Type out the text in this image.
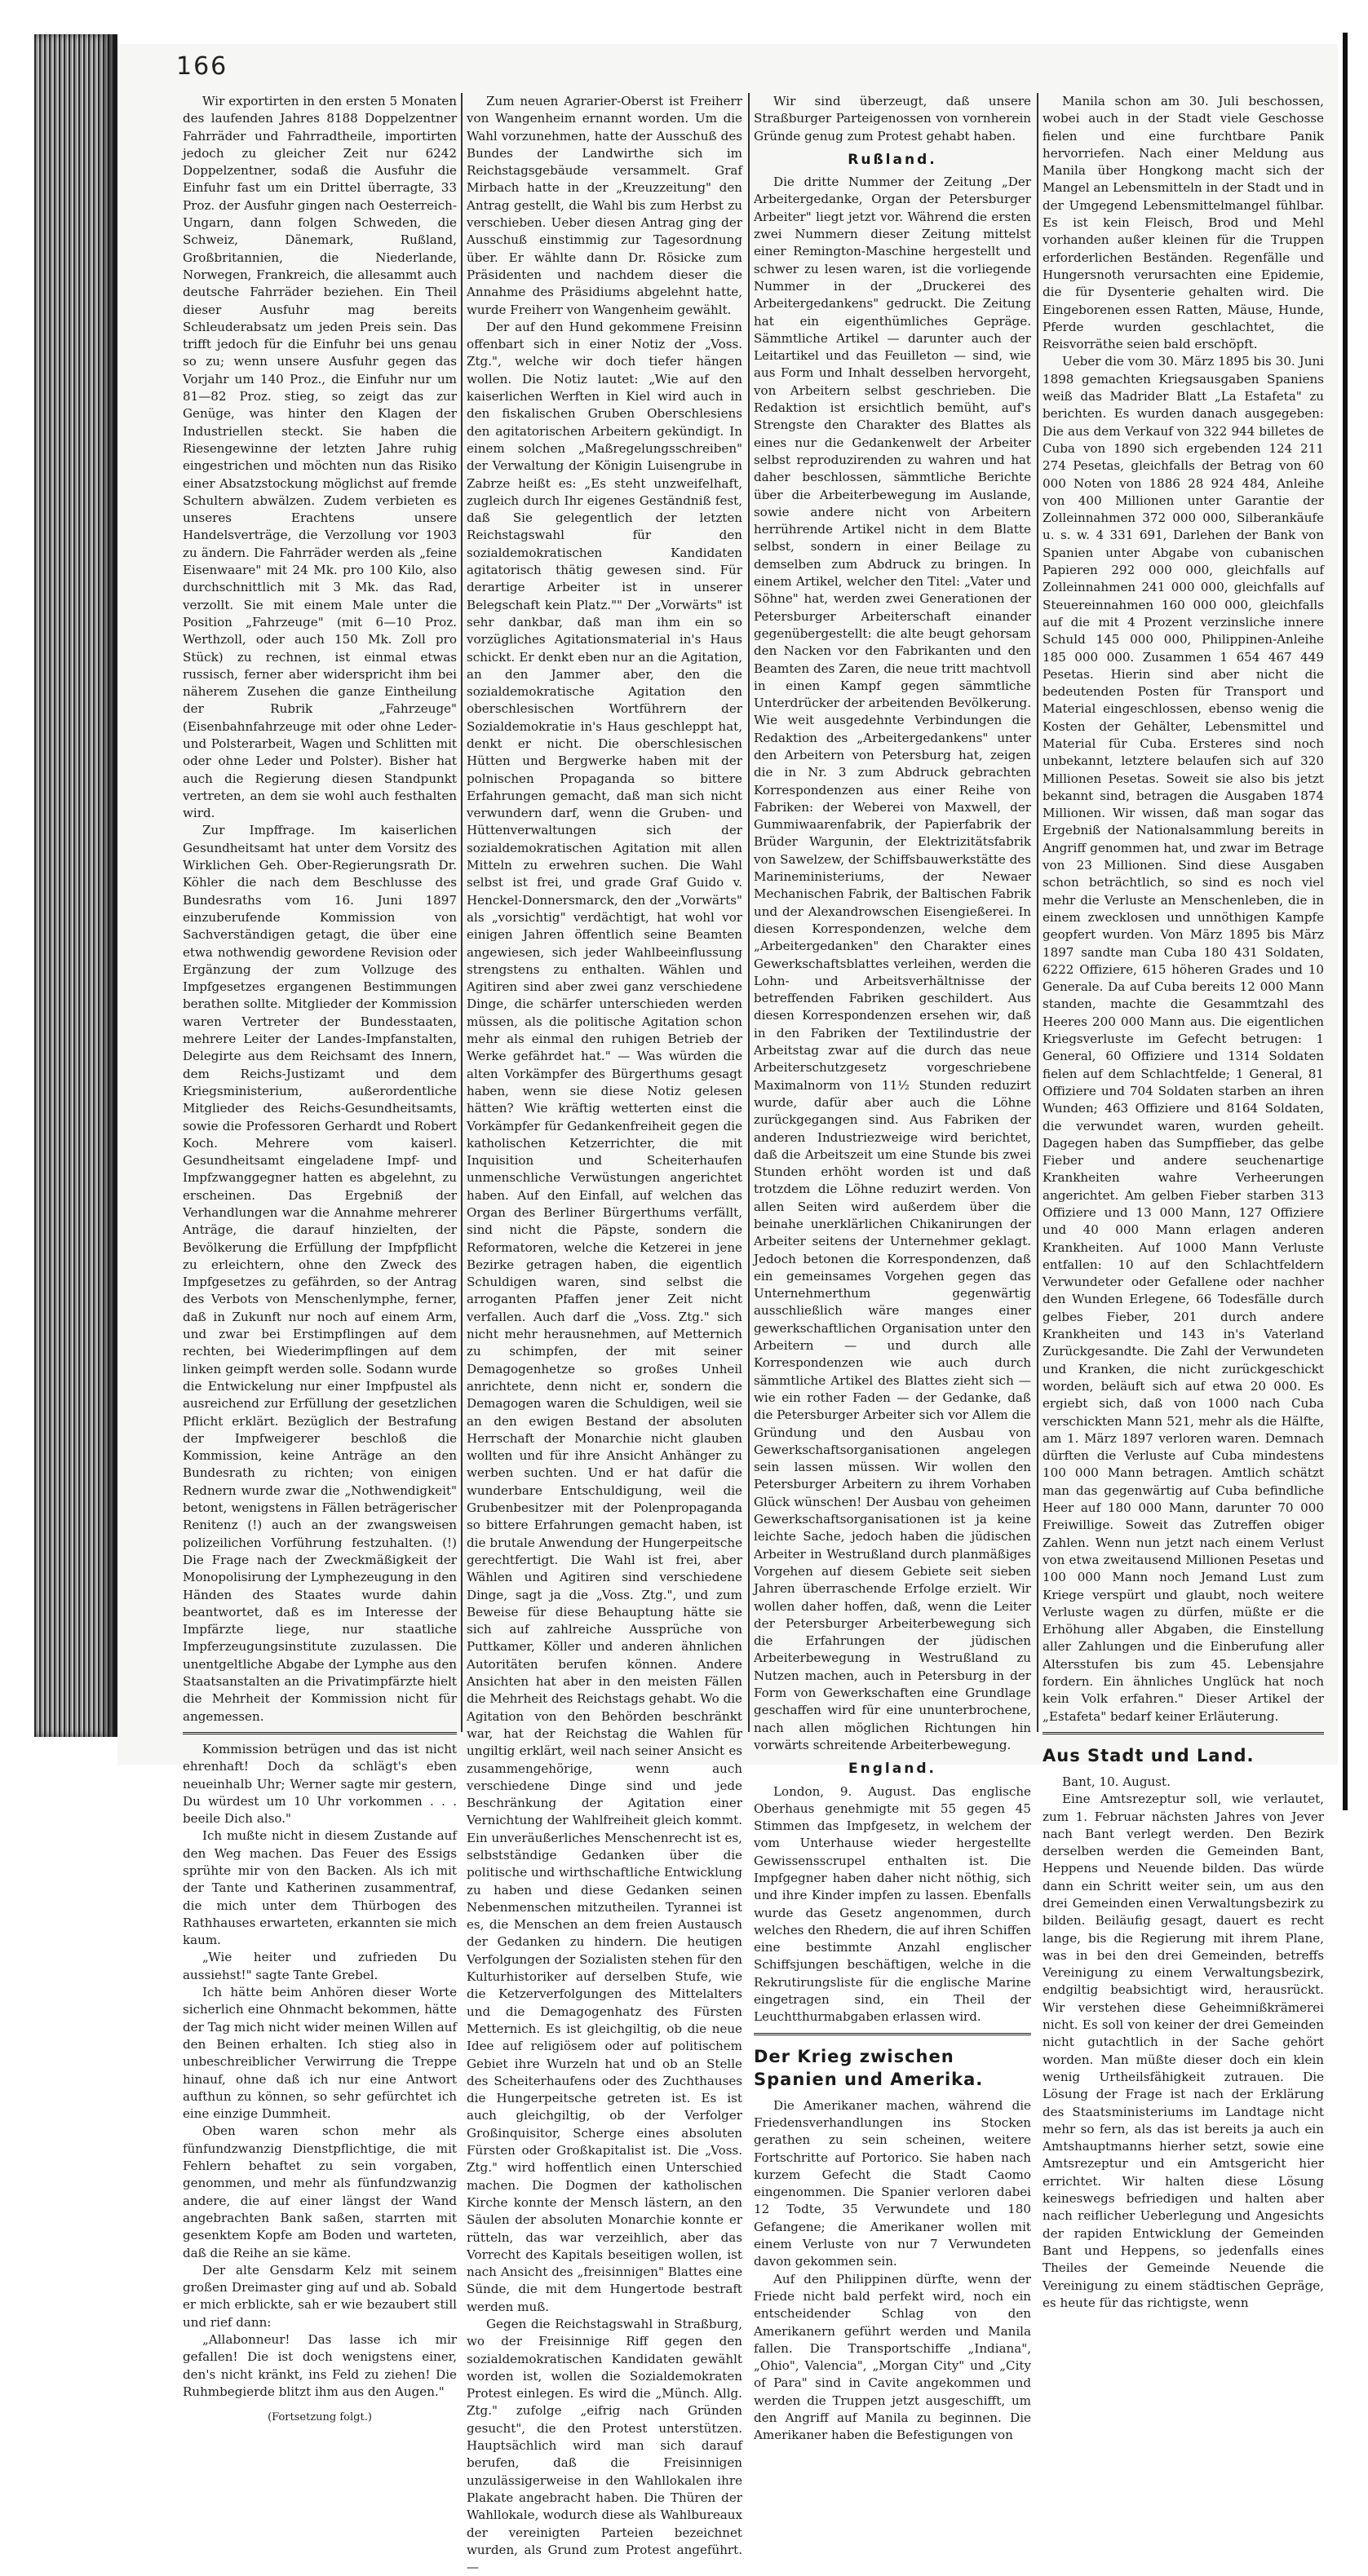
166

Wir exportirten in den ersten 5 Monaten des laufenden Jahres 8188 Doppelzentner Fahrräder und Fahrradtheile, importirten jedoch zu gleicher Zeit nur 6242 Doppelzentner, sodaß die Ausfuhr die Einfuhr fast um ein Drittel überragte, 33 Proz. der Ausfuhr gingen nach Oesterreich-Ungarn, dann folgen Schweden, die Schweiz, Dänemark, Rußland, Großbritannien, die Niederlande, Norwegen, Frankreich, die allesammt auch deutsche Fahrräder beziehen. Ein Theil dieser Ausfuhr mag bereits Schleuderabsatz um jeden Preis sein. Das trifft jedoch für die Einfuhr bei uns genau so zu; wenn unsere Ausfuhr gegen das Vorjahr um 140 Proz., die Einfuhr nur um 81—82 Proz. stieg, so zeigt das zur Genüge, was hinter den Klagen der Industriellen steckt. Sie haben die Riesengewinne der letzten Jahre ruhig eingestrichen und möchten nun das Risiko einer Absatzstockung möglichst auf fremde Schultern abwälzen. Zudem verbieten es unseres Erachtens unsere Handelsverträge, die Verzollung vor 1903 zu ändern. Die Fahrräder werden als „feine Eisenwaare" mit 24 Mk. pro 100 Kilo, also durchschnittlich mit 3 Mk. das Rad, verzollt. Sie mit einem Male unter die Position „Fahrzeuge" (mit 6—10 Proz. Werthzoll, oder auch 150 Mk. Zoll pro Stück) zu rechnen, ist einmal etwas russisch, ferner aber widerspricht ihm bei näherem Zusehen die ganze Eintheilung der Rubrik „Fahrzeuge" (Eisenbahnfahrzeuge mit oder ohne Leder- und Polsterarbeit, Wagen und Schlitten mit oder ohne Leder und Polster). Bisher hat auch die Regierung diesen Standpunkt vertreten, an dem sie wohl auch festhalten wird.

Zur Impffrage. Im kaiserlichen Gesundheitsamt hat unter dem Vorsitz des Wirklichen Geh. Ober-Regierungsrath Dr. Köhler die nach dem Beschlusse des Bundesraths vom 16. Juni 1897 einzuberufende Kommission von Sachverständigen getagt, die über eine etwa nothwendig gewordene Revision oder Ergänzung der zum Vollzuge des Impfgesetzes ergangenen Bestimmungen berathen sollte. Mitglieder der Kommission waren Vertreter der Bundesstaaten, mehrere Leiter der Landes-Impfanstalten, Delegirte aus dem Reichsamt des Innern, dem Reichs-Justizamt und dem Kriegsministerium, außerordentliche Mitglieder des Reichs-Gesundheitsamts, sowie die Professoren Gerhardt und Robert Koch. Mehrere vom kaiserl. Gesundheitsamt eingeladene Impf- und Impfzwanggegner hatten es abgelehnt, zu erscheinen. Das Ergebniß der Verhandlungen war die Annahme mehrerer Anträge, die darauf hinzielten, der Bevölkerung die Erfüllung der Impfpflicht zu erleichtern, ohne den Zweck des Impfgesetzes zu gefährden, so der Antrag des Verbots von Menschenlymphe, ferner, daß in Zukunft nur noch auf einem Arm, und zwar bei Erstimpflingen auf dem rechten, bei Wiederimpflingen auf dem linken geimpft werden solle. Sodann wurde die Entwickelung nur einer Impfpustel als ausreichend zur Erfüllung der gesetzlichen Pflicht erklärt. Bezüglich der Bestrafung der Impfweigerer beschloß die Kommission, keine Anträge an den Bundesrath zu richten; von einigen Rednern wurde zwar die „Nothwendigkeit" betont, wenigstens in Fällen beträgerischer Renitenz (!) auch an der zwangsweisen polizeilichen Vorführung festzuhalten. (!) Die Frage nach der Zweckmäßigkeit der Monopolisirung der Lymphezeugung in den Händen des Staates wurde dahin beantwortet, daß es im Interesse der Impfärzte liege, nur staatliche Impferzeugungsinstitute zuzulassen. Die unentgeltliche Abgabe der Lymphe aus den Staatsanstalten an die Privatimpfärzte hielt die Mehrheit der Kommission nicht für angemessen.

Kommission betrügen und das ist nicht ehrenhaft! Doch da schlägt's eben neueinhalb Uhr; Werner sagte mir gestern, Du würdest um 10 Uhr vorkommen . . . beeile Dich also."

Ich mußte nicht in diesem Zustande auf den Weg machen. Das Feuer des Essigs sprühte mir von den Backen. Als ich mit der Tante und Katherinen zusammentraf, die mich unter dem Thürbogen des Rathhauses erwarteten, erkannten sie mich kaum.

„Wie heiter und zufrieden Du aussiehst!" sagte Tante Grebel.

Ich hätte beim Anhören dieser Worte sicherlich eine Ohnmacht bekommen, hätte der Tag mich nicht wider meinen Willen auf den Beinen erhalten. Ich stieg also in unbeschreiblicher Verwirrung die Treppe hinauf, ohne daß ich nur eine Antwort aufthun zu können, so sehr gefürchtet ich eine einzige Dummheit.

Oben waren schon mehr als fünfundzwanzig Dienstpflichtige, die mit Fehlern behaftet zu sein vorgaben, genommen, und mehr als fünfundzwanzig andere, die auf einer längst der Wand angebrachten Bank saßen, starrten mit gesenktem Kopfe am Boden und warteten, daß die Reihe an sie käme.

Der alte Gensdarm Kelz mit seinem großen Dreimaster ging auf und ab. Sobald er mich erblickte, sah er wie bezaubert still und rief dann:

„Allabonneur! Das lasse ich mir gefallen! Die ist doch wenigstens einer, den's nicht kränkt, ins Feld zu ziehen! Die Ruhmbegierde blitzt ihm aus den Augen."

(Fortsetzung folgt.)

Zum neuen Agrarier-Oberst ist Freiherr von Wangenheim ernannt worden. Um die Wahl vorzunehmen, hatte der Ausschuß des Bundes der Landwirthe sich im Reichstagsgebäude versammelt. Graf Mirbach hatte in der „Kreuzzeitung" den Antrag gestellt, die Wahl bis zum Herbst zu verschieben. Ueber diesen Antrag ging der Ausschuß einstimmig zur Tagesordnung über. Er wählte dann Dr. Rösicke zum Präsidenten und nachdem dieser die Annahme des Präsidiums abgelehnt hatte, wurde Freiherr von Wangenheim gewählt.

Der auf den Hund gekommene Freisinn offenbart sich in einer Notiz der „Voss. Ztg.", welche wir doch tiefer hängen wollen. Die Notiz lautet: „Wie auf den kaiserlichen Werften in Kiel wird auch in den fiskalischen Gruben Oberschlesiens den agitatorischen Arbeitern gekündigt. In einem solchen „Maßregelungsschreiben" der Verwaltung der Königin Luisengrube in Zabrze heißt es: „Es steht unzweifelhaft, zugleich durch Ihr eigenes Geständniß fest, daß Sie gelegentlich der letzten Reichstagswahl für den sozialdemokratischen Kandidaten agitatorisch thätig gewesen sind. Für derartige Arbeiter ist in unserer Belegschaft kein Platz."" Der „Vorwärts" ist sehr dankbar, daß man ihm ein so vorzügliches Agitationsmaterial in's Haus schickt. Er denkt eben nur an die Agitation, an den Jammer aber, den die sozialdemokratische Agitation den oberschlesischen Wortführern der Sozialdemokratie in's Haus geschleppt hat, denkt er nicht. Die oberschlesischen Hütten und Bergwerke haben mit der polnischen Propaganda so bittere Erfahrungen gemacht, daß man sich nicht verwundern darf, wenn die Gruben- und Hüttenverwaltungen sich der sozialdemokratischen Agitation mit allen Mitteln zu erwehren suchen. Die Wahl selbst ist frei, und grade Graf Guido v. Henckel-Donnersmarck, den der „Vorwärts" als „vorsichtig" verdächtigt, hat wohl vor einigen Jahren öffentlich seine Beamten angewiesen, sich jeder Wahlbeeinflussung strengstens zu enthalten. Wählen und Agitiren sind aber zwei ganz verschiedene Dinge, die schärfer unterschieden werden müssen, als die politische Agitation schon mehr als einmal den ruhigen Betrieb der Werke gefährdet hat." — Was würden die alten Vorkämpfer des Bürgerthums gesagt haben, wenn sie diese Notiz gelesen hätten? Wie kräftig wetterten einst die Vorkämpfer für Gedankenfreiheit gegen die katholischen Ketzerrichter, die mit Inquisition und Scheiterhaufen unmenschliche Verwüstungen angerichtet haben. Auf den Einfall, auf welchen das Organ des Berliner Bürgerthums verfällt, sind nicht die Päpste, sondern die Reformatoren, welche die Ketzerei in jene Bezirke getragen haben, die eigentlich Schuldigen waren, sind selbst die arroganten Pfaffen jener Zeit nicht verfallen. Auch darf die „Voss. Ztg." sich nicht mehr herausnehmen, auf Metternich zu schimpfen, der mit seiner Demagogenhetze so großes Unheil anrichtete, denn nicht er, sondern die Demagogen waren die Schuldigen, weil sie an den ewigen Bestand der absoluten Herrschaft der Monarchie nicht glauben wollten und für ihre Ansicht Anhänger zu werben suchten. Und er hat dafür die wunderbare Entschuldigung, weil die Grubenbesitzer mit der Polenpropaganda so bittere Erfahrungen gemacht haben, ist die brutale Anwendung der Hungerpeitsche gerechtfertigt. Die Wahl ist frei, aber Wählen und Agitiren sind verschiedene Dinge, sagt ja die „Voss. Ztg.", und zum Beweise für diese Behauptung hätte sie sich auf zahlreiche Aussprüche von Puttkamer, Köller und anderen ähnlichen Autoritäten berufen können. Andere Ansichten hat aber in den meisten Fällen die Mehrheit des Reichstags gehabt. Wo die Agitation von den Behörden beschränkt war, hat der Reichstag die Wahlen für ungiltig erklärt, weil nach seiner Ansicht es zusammengehörige, wenn auch verschiedene Dinge sind und jede Beschränkung der Agitation einer Vernichtung der Wahlfreiheit gleich kommt. Ein unveräußerliches Menschenrecht ist es, selbstständige Gedanken über die politische und wirthschaftliche Entwicklung zu haben und diese Gedanken seinen Nebenmenschen mitzutheilen. Tyrannei ist es, die Menschen an dem freien Austausch der Gedanken zu hindern. Die heutigen Verfolgungen der Sozialisten stehen für den Kulturhistoriker auf derselben Stufe, wie die Ketzerverfolgungen des Mittelalters und die Demagogenhatz des Fürsten Metternich. Es ist gleichgiltig, ob die neue Idee auf religiösem oder auf politischem Gebiet ihre Wurzeln hat und ob an Stelle des Scheiterhaufens oder des Zuchthauses die Hungerpeitsche getreten ist. Es ist auch gleichgiltig, ob der Verfolger Großinquisitor, Scherge eines absoluten Fürsten oder Großkapitalist ist. Die „Voss. Ztg." wird hoffentlich einen Unterschied machen. Die Dogmen der katholischen Kirche konnte der Mensch lästern, an den Säulen der absoluten Monarchie konnte er rütteln, das war verzeihlich, aber das Vorrecht des Kapitals beseitigen wollen, ist nach Ansicht des „freisinnigen" Blattes eine Sünde, die mit dem Hungertode bestraft werden muß.

Gegen die Reichstagswahl in Straßburg, wo der Freisinnige Riff gegen den sozialdemokratischen Kandidaten gewählt worden ist, wollen die Sozialdemokraten Protest einlegen. Es wird die „Münch. Allg. Ztg." zufolge „eifrig nach Gründen gesucht", die den Protest unterstützen. Hauptsächlich wird man sich darauf berufen, daß die Freisinnigen unzulässigerweise in den Wahllokalen ihre Plakate angebracht haben. Die Thüren der Wahllokale, wodurch diese als Wahlbureaux der vereinigten Parteien bezeichnet wurden, als Grund zum Protest angeführt. —

Wir sind überzeugt, daß unsere Straßburger Parteigenossen von vornherein Gründe genug zum Protest gehabt haben.

Rußland.

Die dritte Nummer der Zeitung „Der Arbeitergedanke, Organ der Petersburger Arbeiter" liegt jetzt vor. Während die ersten zwei Nummern dieser Zeitung mittelst einer Remington-Maschine hergestellt und schwer zu lesen waren, ist die vorliegende Nummer in der „Druckerei des Arbeitergedankens" gedruckt. Die Zeitung hat ein eigenthümliches Gepräge. Sämmtliche Artikel — darunter auch der Leitartikel und das Feuilleton — sind, wie aus Form und Inhalt desselben hervorgeht, von Arbeitern selbst geschrieben. Die Redaktion ist ersichtlich bemüht, auf's Strengste den Charakter des Blattes als eines nur die Gedankenwelt der Arbeiter selbst reproduzirenden zu wahren und hat daher beschlossen, sämmtliche Berichte über die Arbeiterbewegung im Auslande, sowie andere nicht von Arbeitern herrührende Artikel nicht in dem Blatte selbst, sondern in einer Beilage zu demselben zum Abdruck zu bringen. In einem Artikel, welcher den Titel: „Vater und Söhne" hat, werden zwei Generationen der Petersburger Arbeiterschaft einander gegenübergestellt: die alte beugt gehorsam den Nacken vor den Fabrikanten und den Beamten des Zaren, die neue tritt machtvoll in einen Kampf gegen sämmtliche Unterdrücker der arbeitenden Bevölkerung. Wie weit ausgedehnte Verbindungen die Redaktion des „Arbeitergedankens" unter den Arbeitern von Petersburg hat, zeigen die in Nr. 3 zum Abdruck gebrachten Korrespondenzen aus einer Reihe von Fabriken: der Weberei von Maxwell, der Gummiwaarenfabrik, der Papierfabrik der Brüder Wargunin, der Elektrizitätsfabrik von Sawelzew, der Schiffsbauwerkstätte des Marineministeriums, der Newaer Mechanischen Fabrik, der Baltischen Fabrik und der Alexandrowschen Eisengießerei. In diesen Korrespondenzen, welche dem „Arbeitergedanken" den Charakter eines Gewerkschaftsblattes verleihen, werden die Lohn- und Arbeitsverhältnisse der betreffenden Fabriken geschildert. Aus diesen Korrespondenzen ersehen wir, daß in den Fabriken der Textilindustrie der Arbeitstag zwar auf die durch das neue Arbeiterschutzgesetz vorgeschriebene Maximalnorm von 11½ Stunden reduzirt wurde, dafür aber auch die Löhne zurückgegangen sind. Aus Fabriken der anderen Industriezweige wird berichtet, daß die Arbeitszeit um eine Stunde bis zwei Stunden erhöht worden ist und daß trotzdem die Löhne reduzirt werden. Von allen Seiten wird außerdem über die beinahe unerklärlichen Chikanirungen der Arbeiter seitens der Unternehmer geklagt. Jedoch betonen die Korrespondenzen, daß ein gemeinsames Vorgehen gegen das Unternehmerthum gegenwärtig ausschließlich wäre manges einer gewerkschaftlichen Organisation unter den Arbeitern — und durch alle Korrespondenzen wie auch durch sämmtliche Artikel des Blattes zieht sich — wie ein rother Faden — der Gedanke, daß die Petersburger Arbeiter sich vor Allem die Gründung und den Ausbau von Gewerkschaftsorganisationen angelegen sein lassen müssen. Wir wollen den Petersburger Arbeitern zu ihrem Vorhaben Glück wünschen! Der Ausbau von geheimen Gewerkschaftsorganisationen ist ja keine leichte Sache, jedoch haben die jüdischen Arbeiter in Westrußland durch planmäßiges Vorgehen auf diesem Gebiete seit sieben Jahren überraschende Erfolge erzielt. Wir wollen daher hoffen, daß, wenn die Leiter der Petersburger Arbeiterbewegung sich die Erfahrungen der jüdischen Arbeiterbewegung in Westrußland zu Nutzen machen, auch in Petersburg in der Form von Gewerkschaften eine Grundlage geschaffen wird für eine ununterbrochene, nach allen möglichen Richtungen hin vorwärts schreitende Arbeiterbewegung.

England.

London, 9. August. Das englische Oberhaus genehmigte mit 55 gegen 45 Stimmen das Impfgesetz, in welchem der vom Unterhause wieder hergestellte Gewissensscrupel enthalten ist. Die Impfgegner haben daher nicht nöthig, sich und ihre Kinder impfen zu lassen. Ebenfalls wurde das Gesetz angenommen, durch welches den Rhedern, die auf ihren Schiffen eine bestimmte Anzahl englischer Schiffsjungen beschäftigen, welche in die Rekrutirungsliste für die englische Marine eingetragen sind, ein Theil der Leuchtthurmabgaben erlassen wird.

Der Krieg zwischen Spanien und Amerika.

Die Amerikaner machen, während die Friedensverhandlungen ins Stocken gerathen zu sein scheinen, weitere Fortschritte auf Portorico. Sie haben nach kurzem Gefecht die Stadt Caomo eingenommen. Die Spanier verloren dabei 12 Todte, 35 Verwundete und 180 Gefangene; die Amerikaner wollen mit einem Verluste von nur 7 Verwundeten davon gekommen sein.

Auf den Philippinen dürfte, wenn der Friede nicht bald perfekt wird, noch ein entscheidender Schlag von den Amerikanern geführt werden und Manila fallen. Die Transportschiffe „Indiana", „Ohio", Valencia", „Morgan City" und „City of Para" sind in Cavite angekommen und werden die Truppen jetzt ausgeschifft, um den Angriff auf Manila zu beginnen. Die Amerikaner haben die Befestigungen von

Manila schon am 30. Juli beschossen, wobei auch in der Stadt viele Geschosse fielen und eine furchtbare Panik hervorriefen. Nach einer Meldung aus Manila über Hongkong macht sich der Mangel an Lebensmitteln in der Stadt und in der Umgegend Lebensmittelmangel fühlbar. Es ist kein Fleisch, Brod und Mehl vorhanden außer kleinen für die Truppen erforderlichen Beständen. Regenfälle und Hungersnoth verursachten eine Epidemie, die für Dysenterie gehalten wird. Die Eingeborenen essen Ratten, Mäuse, Hunde, Pferde wurden geschlachtet, die Reisvorräthe seien bald erschöpft.

Ueber die vom 30. März 1895 bis 30. Juni 1898 gemachten Kriegsausgaben Spaniens weiß das Madrider Blatt „La Estafeta" zu berichten. Es wurden danach ausgegeben: Die aus dem Verkauf von 322 944 billetes de Cuba von 1890 sich ergebenden 124 211 274 Pesetas, gleichfalls der Betrag von 60 000 Noten von 1886 28 924 484, Anleihe von 400 Millionen unter Garantie der Zolleinnahmen 372 000 000, Silberankäufe u. s. w. 4 331 691, Darlehen der Bank von Spanien unter Abgabe von cubanischen Papieren 292 000 000, gleichfalls auf Zolleinnahmen 241 000 000, gleichfalls auf Steuereinnahmen 160 000 000, gleichfalls auf die mit 4 Prozent verzinsliche innere Schuld 145 000 000, Philippinen-Anleihe 185 000 000. Zusammen 1 654 467 449 Pesetas. Hierin sind aber nicht die bedeutenden Posten für Transport und Material eingeschlossen, ebenso wenig die Kosten der Gehälter, Lebensmittel und Material für Cuba. Ersteres sind noch unbekannt, letztere belaufen sich auf 320 Millionen Pesetas. Soweit sie also bis jetzt bekannt sind, betragen die Ausgaben 1874 Millionen. Wir wissen, daß man sogar das Ergebniß der Nationalsammlung bereits in Angriff genommen hat, und zwar im Betrage von 23 Millionen. Sind diese Ausgaben schon beträchtlich, so sind es noch viel mehr die Verluste an Menschenleben, die in einem zwecklosen und unnöthigen Kampfe geopfert wurden. Von März 1895 bis März 1897 sandte man Cuba 180 431 Soldaten, 6222 Offiziere, 615 höheren Grades und 10 Generale. Da auf Cuba bereits 12 000 Mann standen, machte die Gesammtzahl des Heeres 200 000 Mann aus. Die eigentlichen Kriegsverluste im Gefecht betrugen: 1 General, 60 Offiziere und 1314 Soldaten fielen auf dem Schlachtfelde; 1 General, 81 Offiziere und 704 Soldaten starben an ihren Wunden; 463 Offiziere und 8164 Soldaten, die verwundet waren, wurden geheilt. Dagegen haben das Sumpffieber, das gelbe Fieber und andere seuchenartige Krankheiten wahre Verheerungen angerichtet. Am gelben Fieber starben 313 Offiziere und 13 000 Mann, 127 Offiziere und 40 000 Mann erlagen anderen Krankheiten. Auf 1000 Mann Verluste entfallen: 10 auf den Schlachtfeldern Verwundeter oder Gefallene oder nachher den Wunden Erlegene, 66 Todesfälle durch gelbes Fieber, 201 durch andere Krankheiten und 143 in's Vaterland Zurückgesandte. Die Zahl der Verwundeten und Kranken, die nicht zurückgeschickt worden, beläuft sich auf etwa 20 000. Es ergiebt sich, daß von 1000 nach Cuba verschickten Mann 521, mehr als die Hälfte, am 1. März 1897 verloren waren. Demnach dürften die Verluste auf Cuba mindestens 100 000 Mann betragen. Amtlich schätzt man das gegenwärtig auf Cuba befindliche Heer auf 180 000 Mann, darunter 70 000 Freiwillige. Soweit das Zutreffen obiger Zahlen. Wenn nun jetzt nach einem Verlust von etwa zweitausend Millionen Pesetas und 100 000 Mann noch Jemand Lust zum Kriege verspürt und glaubt, noch weitere Verluste wagen zu dürfen, müßte er die Erhöhung aller Abgaben, die Einstellung aller Zahlungen und die Einberufung aller Altersstufen bis zum 45. Lebensjahre fordern. Ein ähnliches Unglück hat noch kein Volk erfahren." Dieser Artikel der „Estafeta" bedarf keiner Erläuterung.

Aus Stadt und Land.

Bant, 10. August.

Eine Amtsrezeptur soll, wie verlautet, zum 1. Februar nächsten Jahres von Jever nach Bant verlegt werden. Den Bezirk derselben werden die Gemeinden Bant, Heppens und Neuende bilden. Das würde dann ein Schritt weiter sein, um aus den drei Gemeinden einen Verwaltungsbezirk zu bilden. Beiläufig gesagt, dauert es recht lange, bis die Regierung mit ihrem Plane, was in bei den drei Gemeinden, betreffs Vereinigung zu einem Verwaltungsbezirk, endgiltig beabsichtigt wird, herausrückt. Wir verstehen diese Geheimnißkrämerei nicht. Es soll von keiner der drei Gemeinden nicht gutachtlich in der Sache gehört worden. Man müßte dieser doch ein klein wenig Urtheilsfähigkeit zutrauen. Die Lösung der Frage ist nach der Erklärung des Staatsministeriums im Landtage nicht mehr so fern, als das ist bereits ja auch ein Amtshauptmanns hierher setzt, sowie eine Amtsrezeptur und ein Amtsgericht hier errichtet. Wir halten diese Lösung keineswegs befriedigen und halten aber nach reiflicher Ueberlegung und Angesichts der rapiden Entwicklung der Gemeinden Bant und Heppens, so jedenfalls eines Theiles der Gemeinde Neuende die Vereinigung zu einem städtischen Gepräge, es heute für das richtigste, wenn
